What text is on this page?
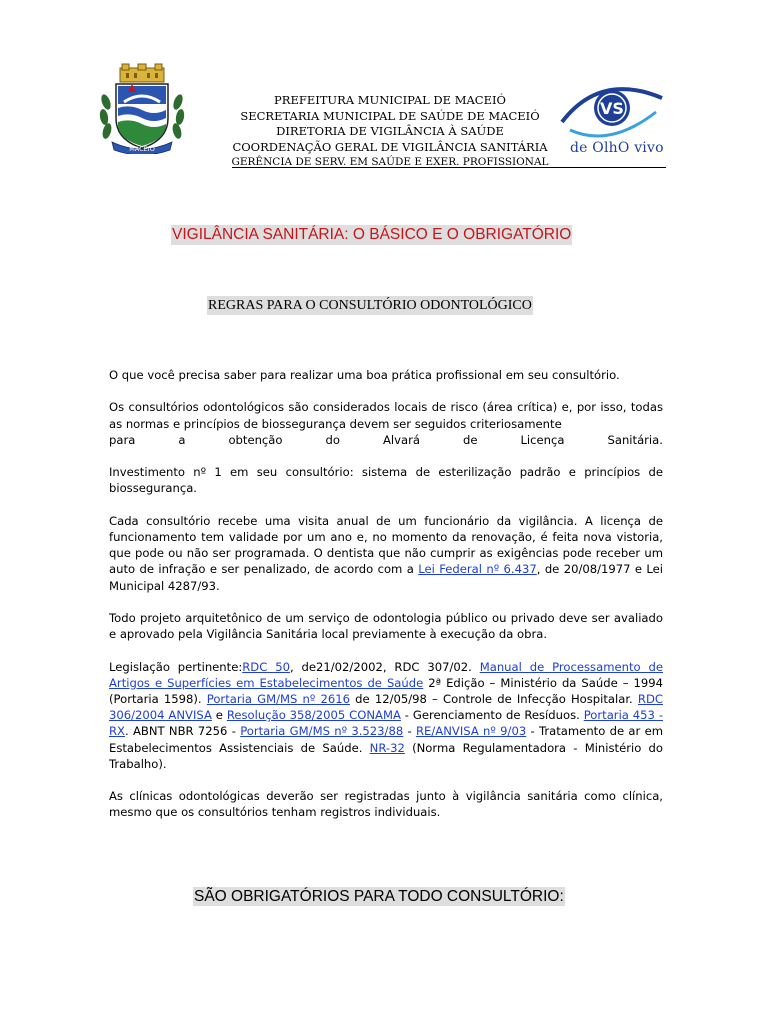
MACEIÓ
PREFEITURA MUNICIPAL DE MACEIÓ
SECRETARIA MUNICIPAL DE SAÚDE DE MACEIÓ
DIRETORIA DE VIGILÂNCIA À SAÚDE
COORDENAÇÃO GERAL DE VIGILÂNCIA SANITÁRIA
GERÊNCIA DE SERV. EM SAÚDE E EXER. PROFISSIONAL
VS
de OlhO vivo
VIGILÂNCIA SANITÁRIA: O BÁSICO E O OBRIGATÓRIO
REGRAS PARA O CONSULTÓRIO ODONTOLÓGICO

O que você precisa saber para realizar uma boa prática profissional em seu consultório.

Os consultórios odontológicos são considerados locais de risco (área crítica) e, por isso, todas as normas e princípios de biossegurança devem ser seguidos criteriosamente

para	a	obtenção	do	Alvará	de	Licença	Sanitária.

Investimento nº 1 em seu consultório: sistema de esterilização padrão e princípios de biossegurança.

Cada consultório recebe uma visita anual de um funcionário da vigilância. A licença de funcionamento tem validade por um ano e, no momento da renovação, é feita nova vistoria, que pode ou não ser programada. O dentista que não cumprir as exigências pode receber um auto de infração e ser penalizado, de acordo com a Lei Federal nº 6.437, de 20/08/1977 e Lei Municipal 4287/93.

Todo projeto arquitetônico de um serviço de odontologia público ou privado deve ser avaliado e aprovado pela Vigilância Sanitária local previamente à execução da obra.

Legislação pertinente:RDC 50, de21/02/2002, RDC 307/02. Manual de Processamento de Artigos e Superfícies em Estabelecimentos de Saúde 2ª Edição – Ministério da Saúde – 1994 (Portaria 1598). Portaria GM/MS nº 2616 de 12/05/98 – Controle de Infecção Hospitalar. RDC 306/2004 ANVISA e Resolução 358/2005 CONAMA - Gerenciamento de Resíduos. Portaria 453 - RX. ABNT NBR 7256 - Portaria GM/MS nº 3.523/88 - RE/ANVISA nº 9/03 - Tratamento de ar em Estabelecimentos Assistenciais de Saúde. NR-32 (Norma Regulamentadora - Ministério do Trabalho).

As clínicas odontológicas deverão ser registradas junto à vigilância sanitária como clínica, mesmo que os consultórios tenham registros individuais.

SÃO OBRIGATÓRIOS PARA TODO CONSULTÓRIO:
